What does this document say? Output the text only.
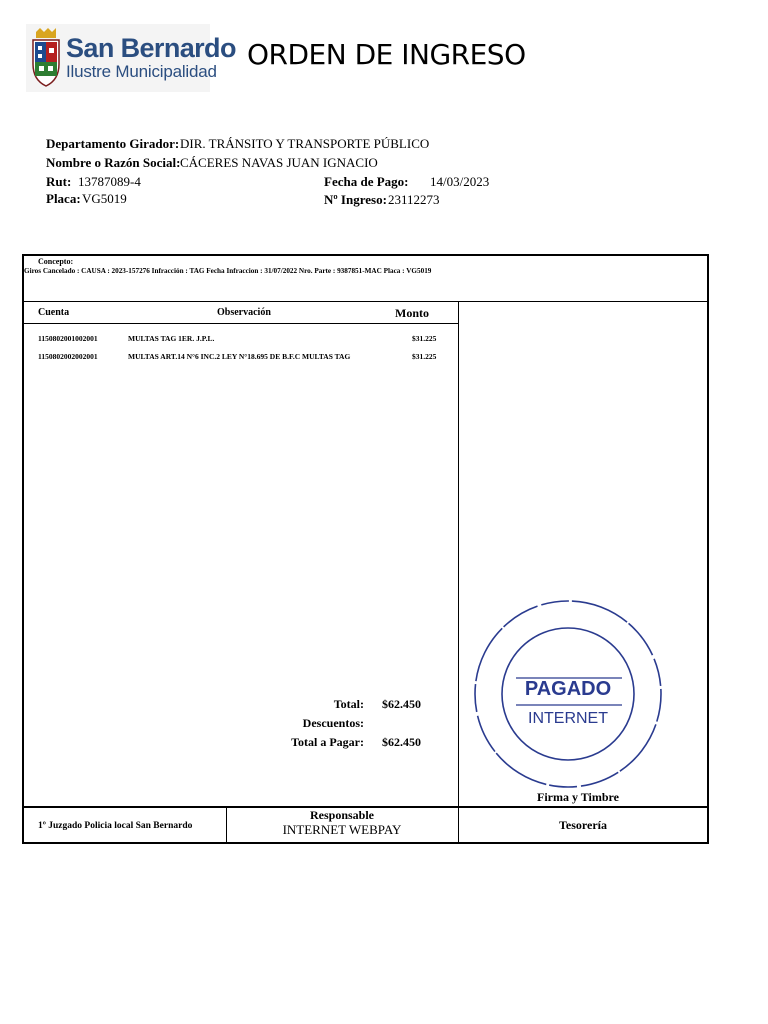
San Bernardo
Ilustre Municipalidad
ORDEN DE INGRESO
Departamento Girador: DIR. TRÁNSITO Y TRANSPORTE PÚBLICO
Nombre o Razón Social: CÁCERES NAVAS JUAN IGNACIO
Rut: 13787089-4	Fecha de Pago: 14/03/2023
Placa: VG5019	Nº Ingreso: 23112273
Concepto:
Giros Cancelado : CAUSA : 2023-157276 Infracción : TAG Fecha Infraccion : 31/07/2022 Nro. Parte : 9387851-MAC Placa : VG5019
Cuenta	Observación	Monto
1150802001002001	MULTAS TAG 1ER. J.P.L.	$31.225
1150802002002001	MULTAS ART.14 N°6 INC.2 LEY N°18.695 DE B.F.C MULTAS TAG	$31.225
Total: $62.450
Descuentos:
Total a Pagar: $62.450
PAGADO
INTERNET
Firma y Timbre
1º Juzgado Policia local San Bernardo
Responsable
INTERNET WEBPAY	Tesorería
